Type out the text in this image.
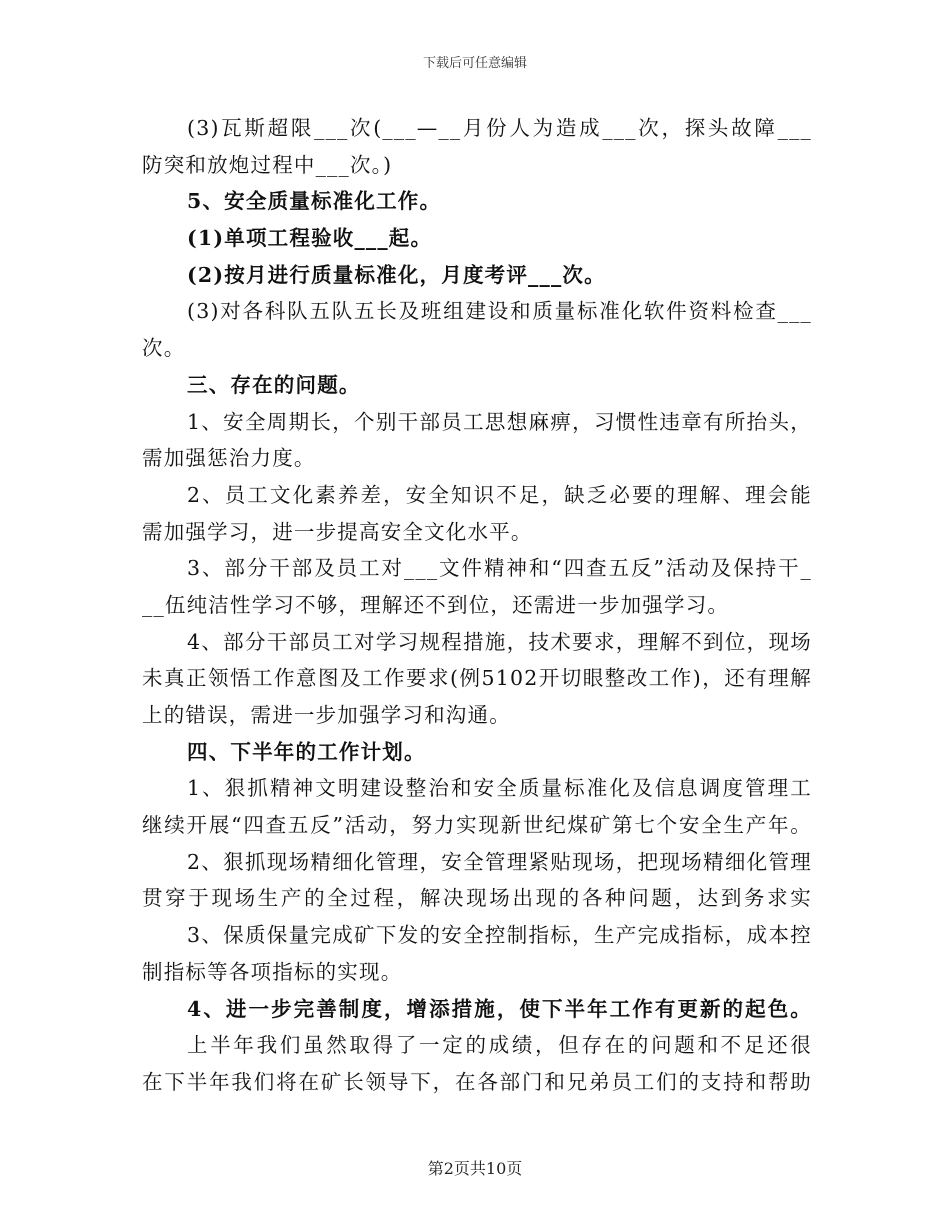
下载后可任意编辑
(3)瓦斯超限___次(___—__月份人为造成___次，探头故障___
防突和放炮过程中___次。)
5、安全质量标准化工作。
(1)单项工程验收___起。
(2)按月进行质量标准化，月度考评___次。
(3)对各科队五队五长及班组建设和质量标准化软件资料检查___
次。
三、存在的问题。
1、安全周期长，个别干部员工思想麻痹，习惯性违章有所抬头，
需加强惩治力度。
2、员工文化素养差，安全知识不足，缺乏必要的理解、理会能
需加强学习，进一步提高安全文化水平。
3、部分干部及员工对___文件精神和“四查五反”活动及保持干_
__伍纯洁性学习不够，理解还不到位，还需进一步加强学习。
4、部分干部员工对学习规程措施，技术要求，理解不到位，现场
未真正领悟工作意图及工作要求(例5102开切眼整改工作)，还有理解
上的错误，需进一步加强学习和沟通。
四、下半年的工作计划。
1、狠抓精神文明建设整治和安全质量标准化及信息调度管理工
继续开展“四查五反”活动，努力实现新世纪煤矿第七个安全生产年。
2、狠抓现场精细化管理，安全管理紧贴现场，把现场精细化管理
贯穿于现场生产的全过程，解决现场出现的各种问题，达到务求实
3、保质保量完成矿下发的安全控制指标，生产完成指标，成本控
制指标等各项指标的实现。
4、进一步完善制度，增添措施，使下半年工作有更新的起色。
上半年我们虽然取得了一定的成绩，但存在的问题和不足还很
在下半年我们将在矿长领导下，在各部门和兄弟员工们的支持和帮助
第2页共10页
